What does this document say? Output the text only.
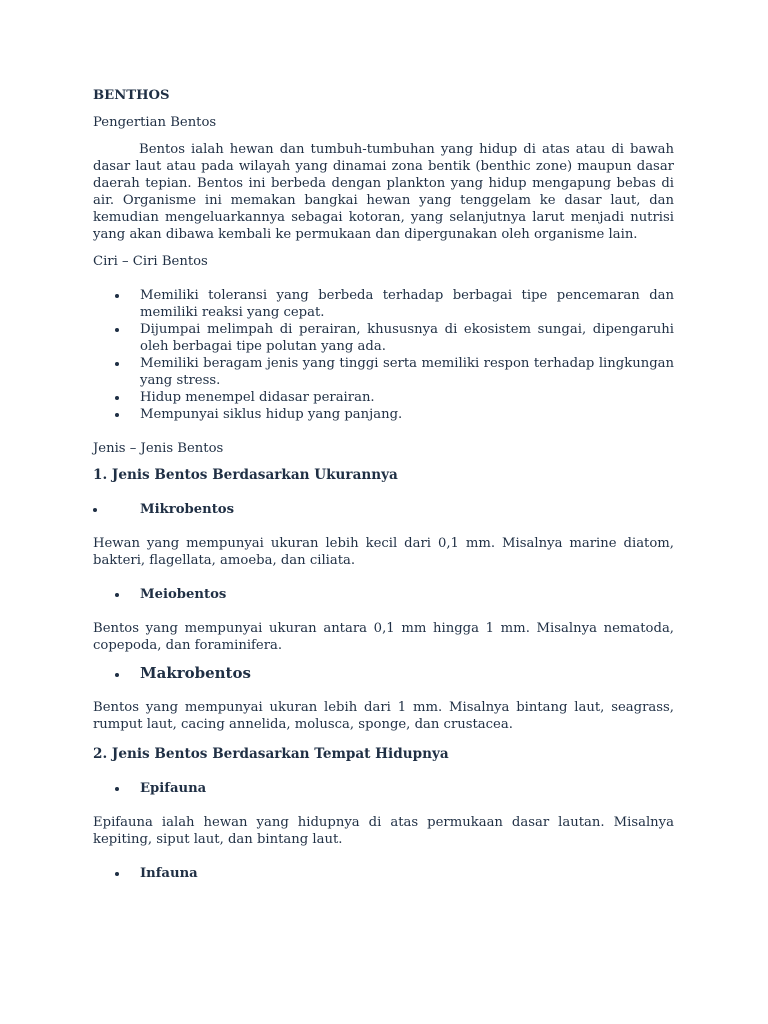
BENTHOS
Pengertian Bentos
Bentos ialah hewan dan tumbuh-tumbuhan yang hidup di atas atau di bawah dasar laut atau pada wilayah yang dinamai zona bentik (benthic zone) maupun dasar daerah tepian. Bentos ini berbeda dengan plankton yang hidup mengapung bebas di air. Organisme ini memakan bangkai hewan yang tenggelam ke dasar laut, dan kemudian mengeluarkannya sebagai kotoran, yang selanjutnya larut menjadi nutrisi yang akan dibawa kembali ke permukaan dan dipergunakan oleh organisme lain.
Ciri – Ciri Bentos
Memiliki toleransi yang berbeda terhadap berbagai tipe pencemaran dan memiliki reaksi yang cepat.
Dijumpai melimpah di perairan, khususnya di ekosistem sungai, dipengaruhi oleh berbagai tipe polutan yang ada.
Memiliki beragam jenis yang tinggi serta memiliki respon terhadap lingkungan yang stress.
Hidup menempel didasar perairan.
Mempunyai siklus hidup yang panjang.
Jenis – Jenis Bentos
1. Jenis Bentos Berdasarkan Ukurannya
Mikrobentos
Hewan yang mempunyai ukuran lebih kecil dari 0,1 mm. Misalnya marine diatom, bakteri, flagellata, amoeba, dan ciliata.
Meiobentos
Bentos yang mempunyai ukuran antara 0,1 mm hingga 1 mm. Misalnya nematoda, copepoda, dan foraminifera.
Makrobentos
Bentos yang mempunyai ukuran lebih dari 1 mm. Misalnya bintang laut, seagrass, rumput laut, cacing annelida, molusca, sponge, dan crustacea.
2. Jenis Bentos Berdasarkan Tempat Hidupnya
Epifauna
Epifauna ialah hewan yang hidupnya di atas permukaan dasar lautan. Misalnya kepiting, siput laut, dan bintang laut.
Infauna
